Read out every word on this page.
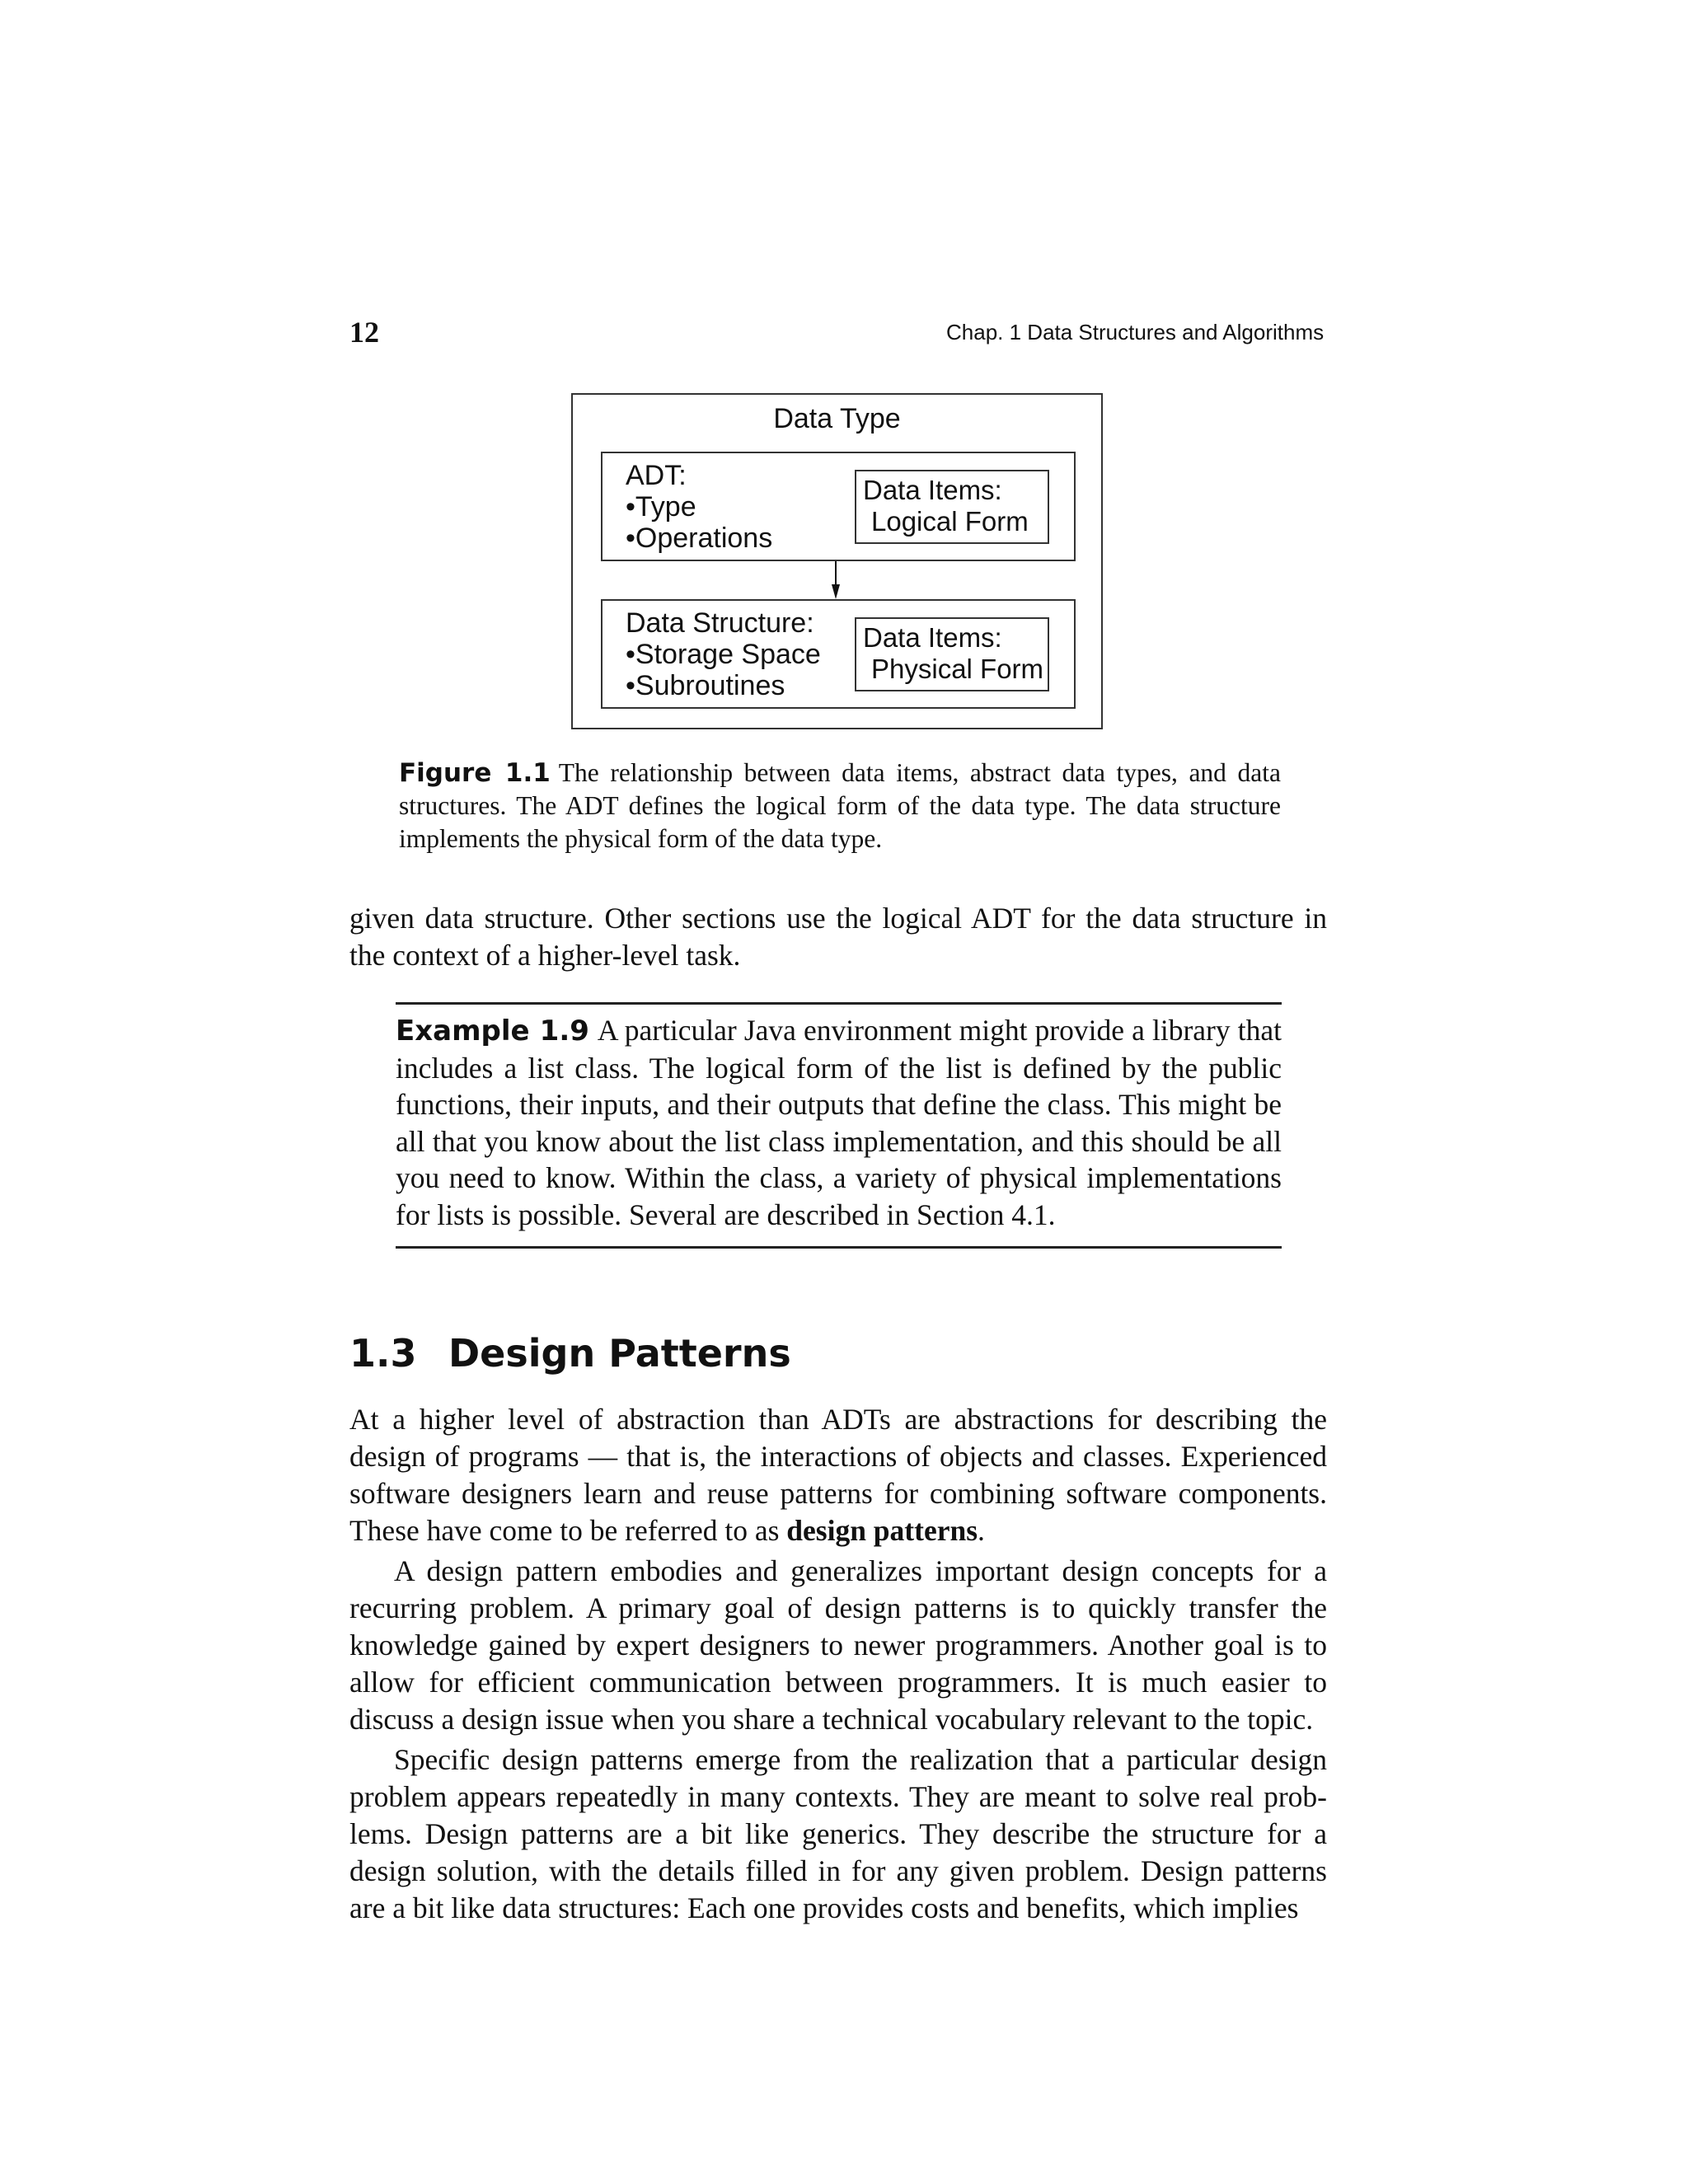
12	Chap. 1 Data Structures and Algorithms
Data Type
ADT:
•Type
•Operations
Data Items:
Logical Form
Data Structure:
•Storage Space
•Subroutines
Data Items:
Physical Form
Figure 1.1 The relationship between data items, abstract data types, and data structures. The ADT defines the logical form of the data type. The data structure implements the physical form of the data type.
given data structure. Other sections use the logical ADT for the data structure in the context of a higher-level task.
Example 1.9 A particular Java environment might provide a library that includes a list class. The logical form of the list is defined by the public functions, their inputs, and their outputs that define the class. This might be all that you know about the list class implementation, and this should be all you need to know. Within the class, a variety of physical implementations for lists is possible. Several are described in Section 4.1.
1.3 Design Patterns
At a higher level of abstraction than ADTs are abstractions for describing the design of programs — that is, the interactions of objects and classes. Experienced software designers learn and reuse patterns for combining software components. These have come to be referred to as design patterns.
A design pattern embodies and generalizes important design concepts for a recurring problem. A primary goal of design patterns is to quickly transfer the knowledge gained by expert designers to newer programmers. Another goal is to allow for efficient communication between programmers. It is much easier to discuss a design issue when you share a technical vocabulary relevant to the topic.
Specific design patterns emerge from the realization that a particular design problem appears repeatedly in many contexts. They are meant to solve real prob-lems. Design patterns are a bit like generics. They describe the structure for a design solution, with the details filled in for any given problem. Design patterns are a bit like data structures: Each one provides costs and benefits, which implies
